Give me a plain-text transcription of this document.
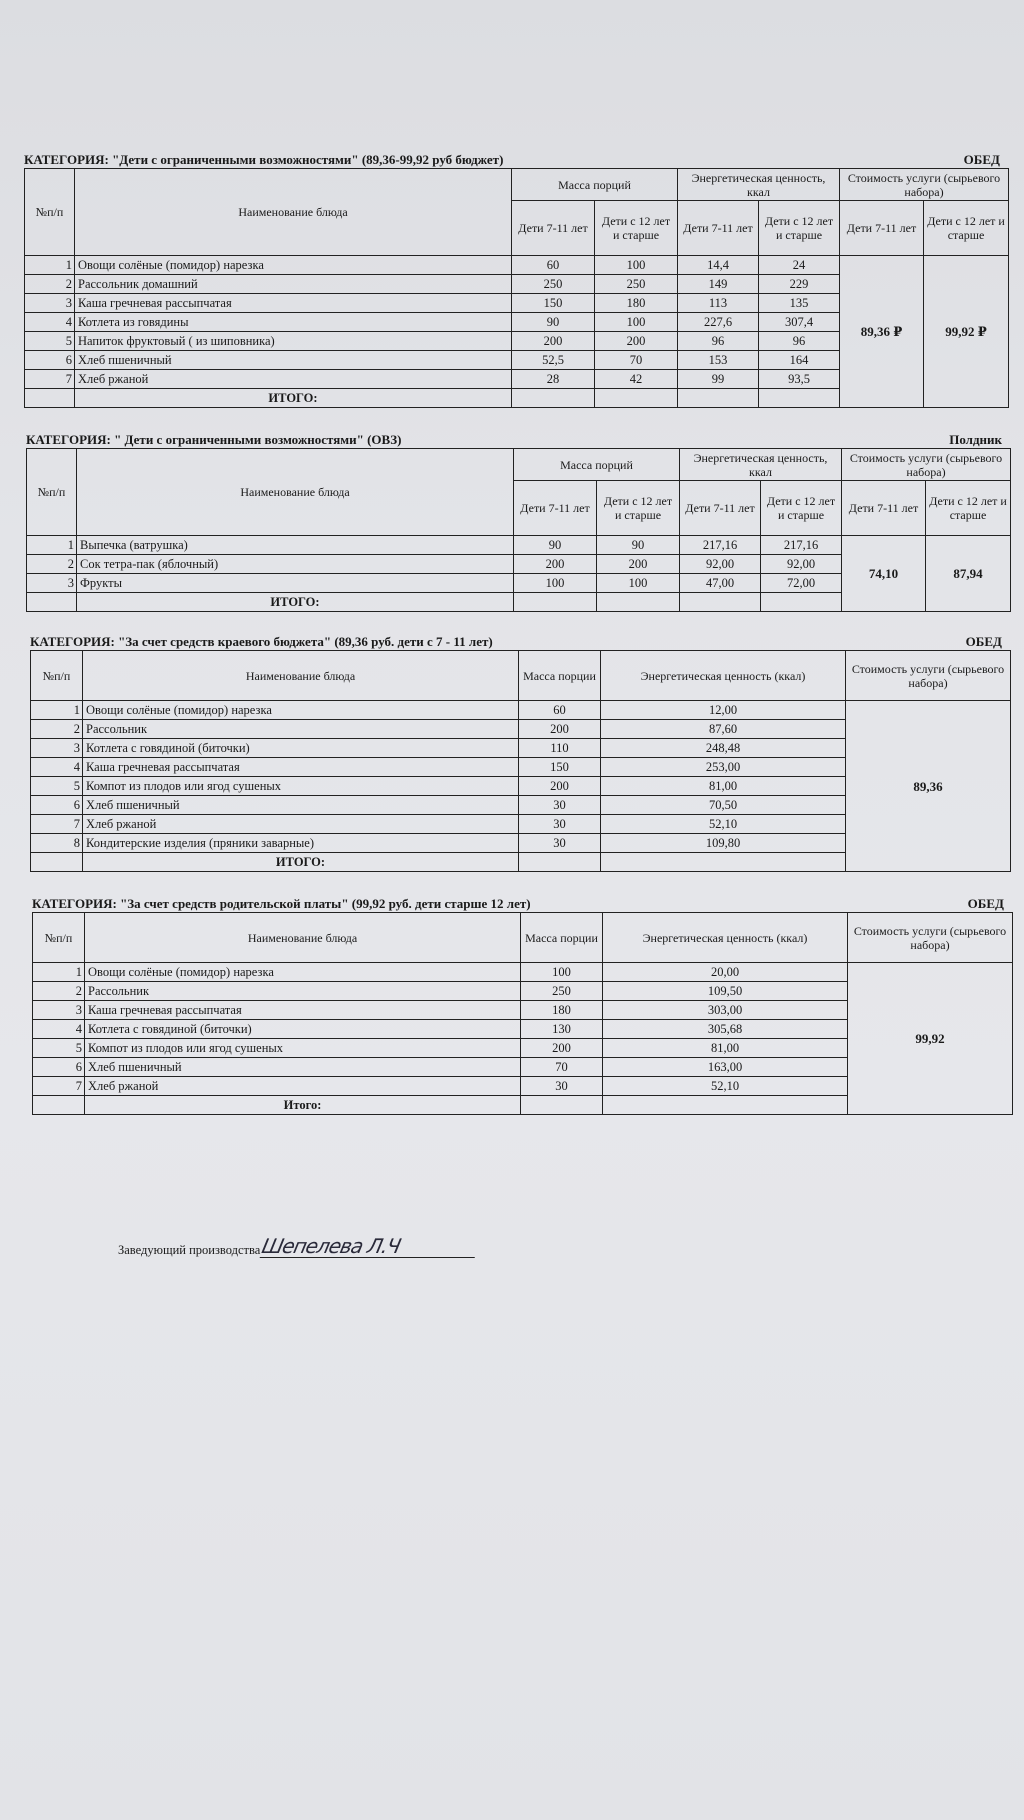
КАТЕГОРИЯ: "Дети с ограниченными возможностями" (89,36-99,92 руб бюджет)	ОБЕД
№п/п	Наименование блюда	Масса порций		Энергетическая ценность, ккал		Стоимость услуги (сырьевого набора)	
		Дети 7-11 лет	Дети с 12 лет и старше	Дети 7-11 лет	Дети с 12 лет и старше	Дети 7-11 лет	Дети с 12 лет и старше
1	Овощи солёные (помидор) нарезка	60	100	14,4	24	89,36 ₽	99,92 ₽
2	Рассольник домашний	250	250	149	229		
3	Каша гречневая рассыпчатая	150	180	113	135		
4	Котлета из говядины	90	100	227,6	307,4		
5	Напиток фруктовый ( из шиповника)	200	200	96	96		
6	Хлеб пшеничный	52,5	70	153	164		
7	Хлеб ржаной	28	42	99	93,5		
	ИТОГО:						
КАТЕГОРИЯ: " Дети с ограниченными возможностями" (ОВЗ)	Полдник
№п/п	Наименование блюда	Масса порций		Энергетическая ценность, ккал		Стоимость услуги (сырьевого набора)	
		Дети 7-11 лет	Дети с 12 лет и старше	Дети 7-11 лет	Дети с 12 лет и старше	Дети 7-11 лет	Дети с 12 лет и старше
1	Выпечка (ватрушка)	90	90	217,16	217,16	74,10	87,94
2	Сок тетра-пак (яблочный)	200	200	92,00	92,00		
3	Фрукты	100	100	47,00	72,00		
	ИТОГО:						
КАТЕГОРИЯ: "За счет средств краевого бюджета" (89,36 руб. дети с 7 - 11 лет)	ОБЕД
№п/п	Наименование блюда	Масса порции	Энергетическая ценность (ккал)	Стоимость услуги (сырьевого набора)
1	Овощи солёные (помидор) нарезка	60	12,00	89,36
2	Рассольник	200	87,60	
3	Котлета с говядиной (биточки)	110	248,48	
4	Каша гречневая рассыпчатая	150	253,00	
5	Компот из плодов или ягод сушеных	200	81,00	
6	Хлеб пшеничный	30	70,50	
7	Хлеб ржаной	30	52,10	
8	Кондитерские изделия (пряники заварные)	30	109,80	
	ИТОГО:			
КАТЕГОРИЯ: "За счет средств родительской платы" (99,92 руб. дети старше 12 лет)	ОБЕД
№п/п	Наименование блюда	Масса порции	Энергетическая ценность (ккал)	Стоимость услуги (сырьевого набора)
1	Овощи солёные (помидор) нарезка	100	20,00	99,92
2	Рассольник	250	109,50	
3	Каша гречневая рассыпчатая	180	303,00	
4	Котлета с говядиной (биточки)	130	305,68	
5	Компот из плодов или ягод сушеных	200	81,00	
6	Хлеб пшеничный	70	163,00	
7	Хлеб ржаной	30	52,10	
	Итого:			
Заведующий производства Шепелева Л.Ч
